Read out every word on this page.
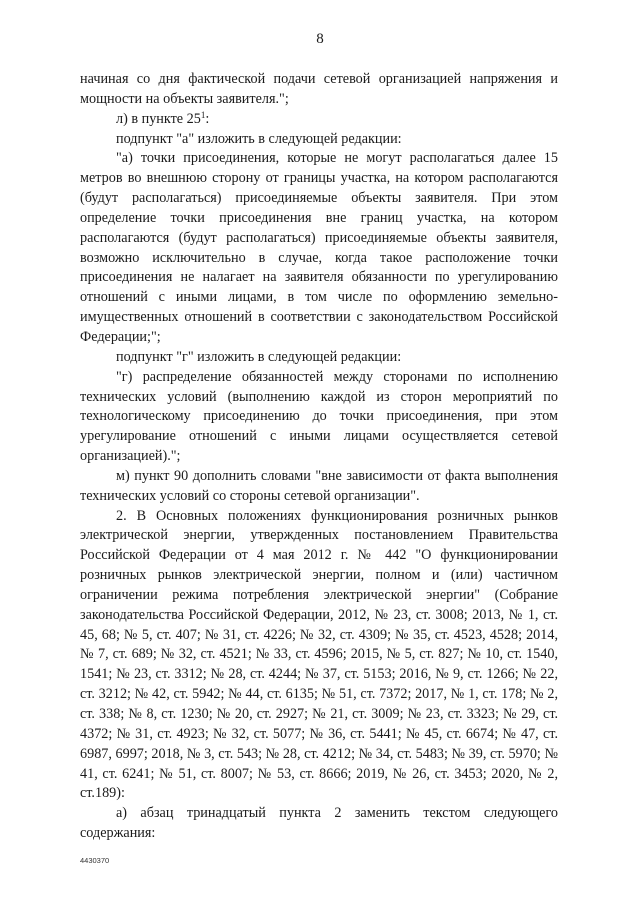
8

начиная со дня фактической подачи сетевой организацией напряжения и мощности на объекты заявителя.";

л) в пункте $25^1$:

подпункт "а" изложить в следующей редакции:

"а) точки присоединения, которые не могут располагаться далее 15 метров во внешнюю сторону от границы участка, на котором располагаются (будут располагаться) присоединяемые объекты заявителя. При этом определение точки присоединения вне границ участка, на котором располагаются (будут располагаться) присоединяемые объекты заявителя, возможно исключительно в случае, когда такое расположение точки присоединения не налагает на заявителя обязанности по урегулированию отношений с иными лицами, в том числе по оформлению земельно-имущественных отношений в соответствии с законодательством Российской Федерации;";

подпункт "г" изложить в следующей редакции:

"г) распределение обязанностей между сторонами по исполнению технических условий (выполнению каждой из сторон мероприятий по технологическому присоединению до точки присоединения, при этом урегулирование отношений с иными лицами осуществляется сетевой организацией).";

м) пункт 90 дополнить словами "вне зависимости от факта выполнения технических условий со стороны сетевой организации".

2. В Основных положениях функционирования розничных рынков электрической энергии, утвержденных постановлением Правительства Российской Федерации от 4 мая 2012 г. № 442 "О функционировании розничных рынков электрической энергии, полном и (или) частичном ограничении режима потребления электрической энергии" (Собрание законодательства Российской Федерации, 2012, № 23, ст. 3008; 2013, № 1, ст. 45, 68; № 5, ст. 407; № 31, ст. 4226; № 32, ст. 4309; № 35, ст. 4523, 4528; 2014, № 7, ст. 689; № 32, ст. 4521; № 33, ст. 4596; 2015, № 5, ст. 827; № 10, ст. 1540, 1541; № 23, ст. 3312; № 28, ст. 4244; № 37, ст. 5153; 2016, № 9, ст. 1266; № 22, ст. 3212; № 42, ст. 5942; № 44, ст. 6135; № 51, ст. 7372; 2017, № 1, ст. 178; № 2, ст. 338; № 8, ст. 1230; № 20, ст. 2927; № 21, ст. 3009; № 23, ст. 3323; № 29, ст. 4372; № 31, ст. 4923; № 32, ст. 5077; № 36, ст. 5441; № 45, ст. 6674; № 47, ст. 6987, 6997; 2018, № 3, ст. 543; № 28, ст. 4212; № 34, ст. 5483; № 39, ст. 5970; № 41, ст. 6241; № 51, ст. 8007; № 53, ст. 8666; 2019, № 26, ст. 3453; 2020, № 2, ст.189):

а) абзац тринадцатый пункта 2 заменить текстом следующего содержания:

4430370
